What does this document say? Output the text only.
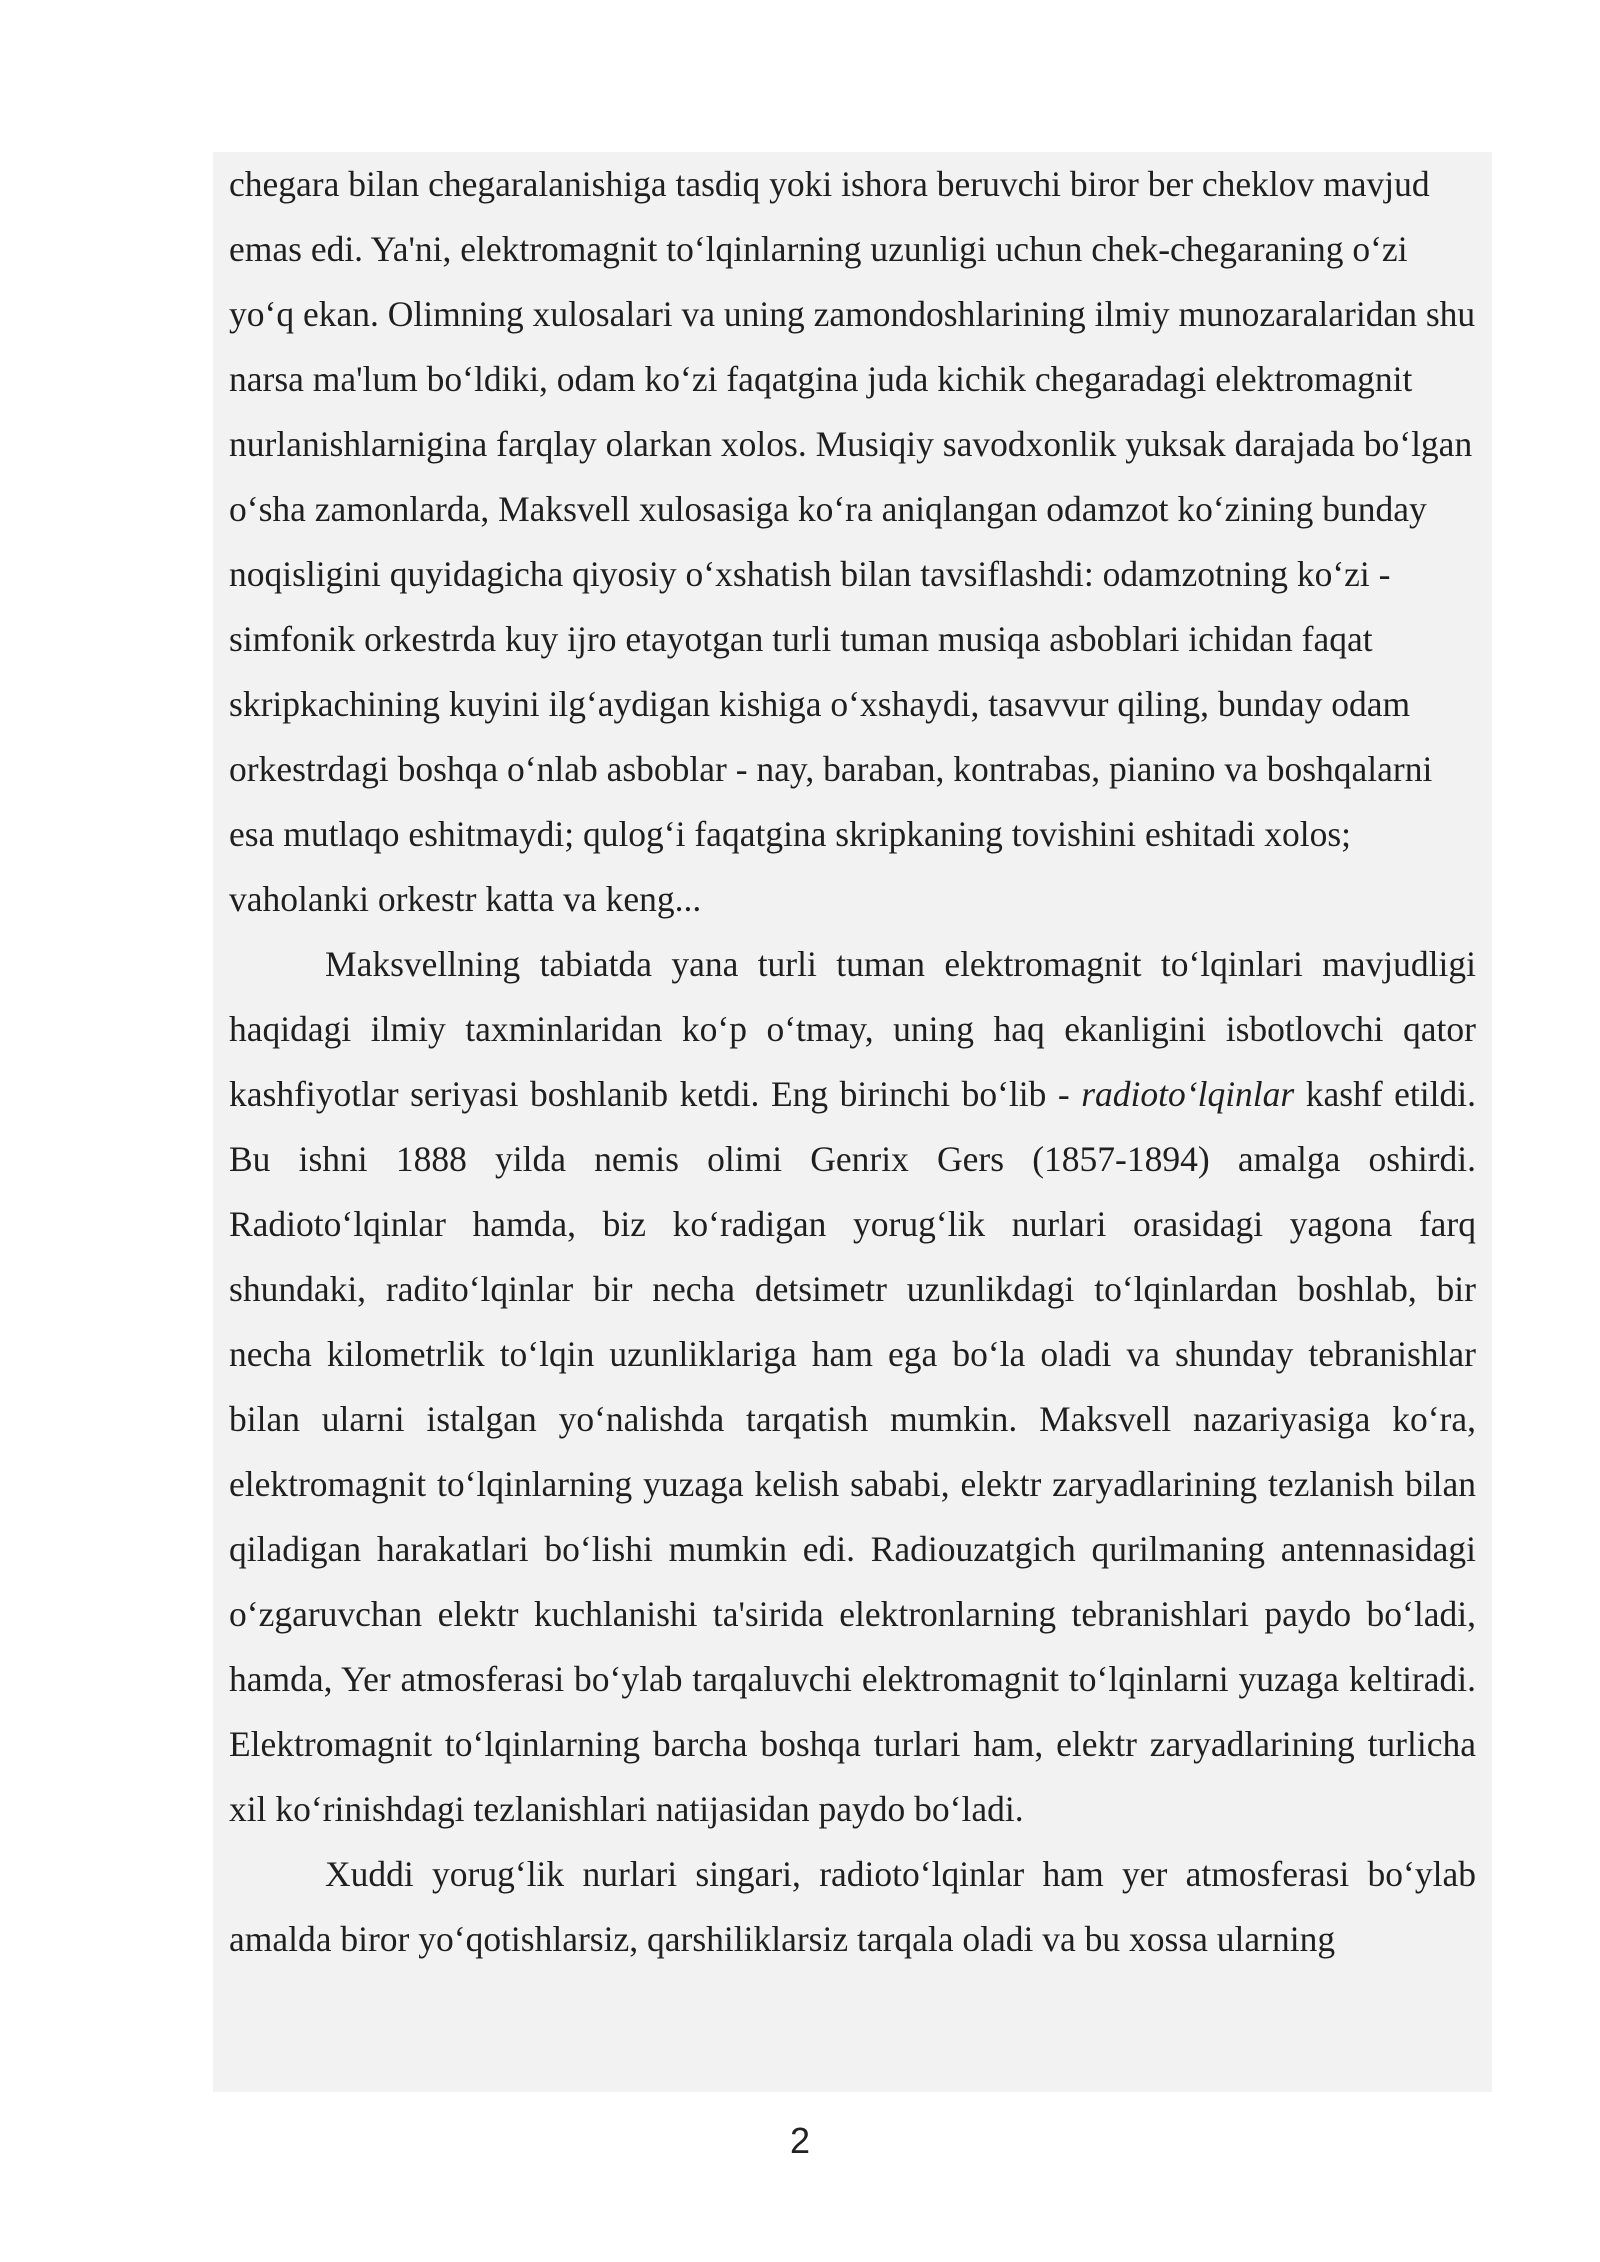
chegara bilan chegaralanishiga tasdiq yoki ishora beruvchi biror ber cheklov mavjud emas edi. Ya'ni, elektromagnit to‘lqinlarning uzunligi uchun chek-chegaraning o‘zi yo‘q ekan. Olimning xulosalari va uning zamondoshlarining ilmiy munozaralaridan shu narsa ma'lum bo‘ldiki, odam ko‘zi faqatgina juda kichik chegaradagi elektromagnit nurlanishlarnigina farqlay olarkan xolos. Musiqiy savodxonlik yuksak darajada bo‘lgan o‘sha zamonlarda, Maksvell xulosasiga ko‘ra aniqlangan odamzot ko‘zining bunday noqisligini quyidagicha qiyosiy o‘xshatish bilan tavsiflashdi: odamzotning ko‘zi - simfonik orkestrda kuy ijro etayotgan turli tuman musiqa asboblari ichidan faqat skripkachining kuyini ilg‘aydigan kishiga o‘xshaydi, tasavvur qiling, bunday odam orkestrdagi boshqa o‘nlab asboblar - nay, baraban, kontrabas, pianino va boshqalarni esa mutlaqo eshitmaydi; qulog‘i faqatgina skripkaning tovishini eshitadi xolos; vaholanki orkestr katta va keng...

Maksvellning tabiatda yana turli tuman elektromagnit to‘lqinlari mavjudligi haqidagi ilmiy taxminlaridan ko‘p o‘tmay, uning haq ekanligini isbotlovchi qator kashfiyotlar seriyasi boshlanib ketdi. Eng birinchi bo‘lib - radioto‘lqinlar kashf etildi. Bu ishni 1888 yilda nemis olimi Genrix Gers (1857-1894) amalga oshirdi. Radioto‘lqinlar hamda, biz ko‘radigan yorug‘lik nurlari orasidagi yagona farq shundaki, radito‘lqinlar bir necha detsimetr uzunlikdagi to‘lqinlardan boshlab, bir necha kilometrlik to‘lqin uzunliklariga ham ega bo‘la oladi va shunday tebranishlar bilan ularni istalgan yo‘nalishda tarqatish mumkin. Maksvell nazariyasiga ko‘ra, elektromagnit to‘lqinlarning yuzaga kelish sababi, elektr zaryadlarining tezlanish bilan qiladigan harakatlari bo‘lishi mumkin edi. Radiouzatgich qurilmaning antennasidagi o‘zgaruvchan elektr kuchlanishi ta'sirida elektronlarning tebranishlari paydo bo‘ladi, hamda, Yer atmosferasi bo‘ylab tarqaluvchi elektromagnit to‘lqinlarni yuzaga keltiradi. Elektromagnit to‘lqinlarning barcha boshqa turlari ham, elektr zaryadlarining turlicha xil ko‘rinishdagi tezlanishlari natijasidan paydo bo‘ladi.

Xuddi yorug‘lik nurlari singari, radioto‘lqinlar ham yer atmosferasi bo‘ylab amalda biror yo‘qotishlarsiz, qarshiliklarsiz tarqala oladi va bu xossa ularning

2
